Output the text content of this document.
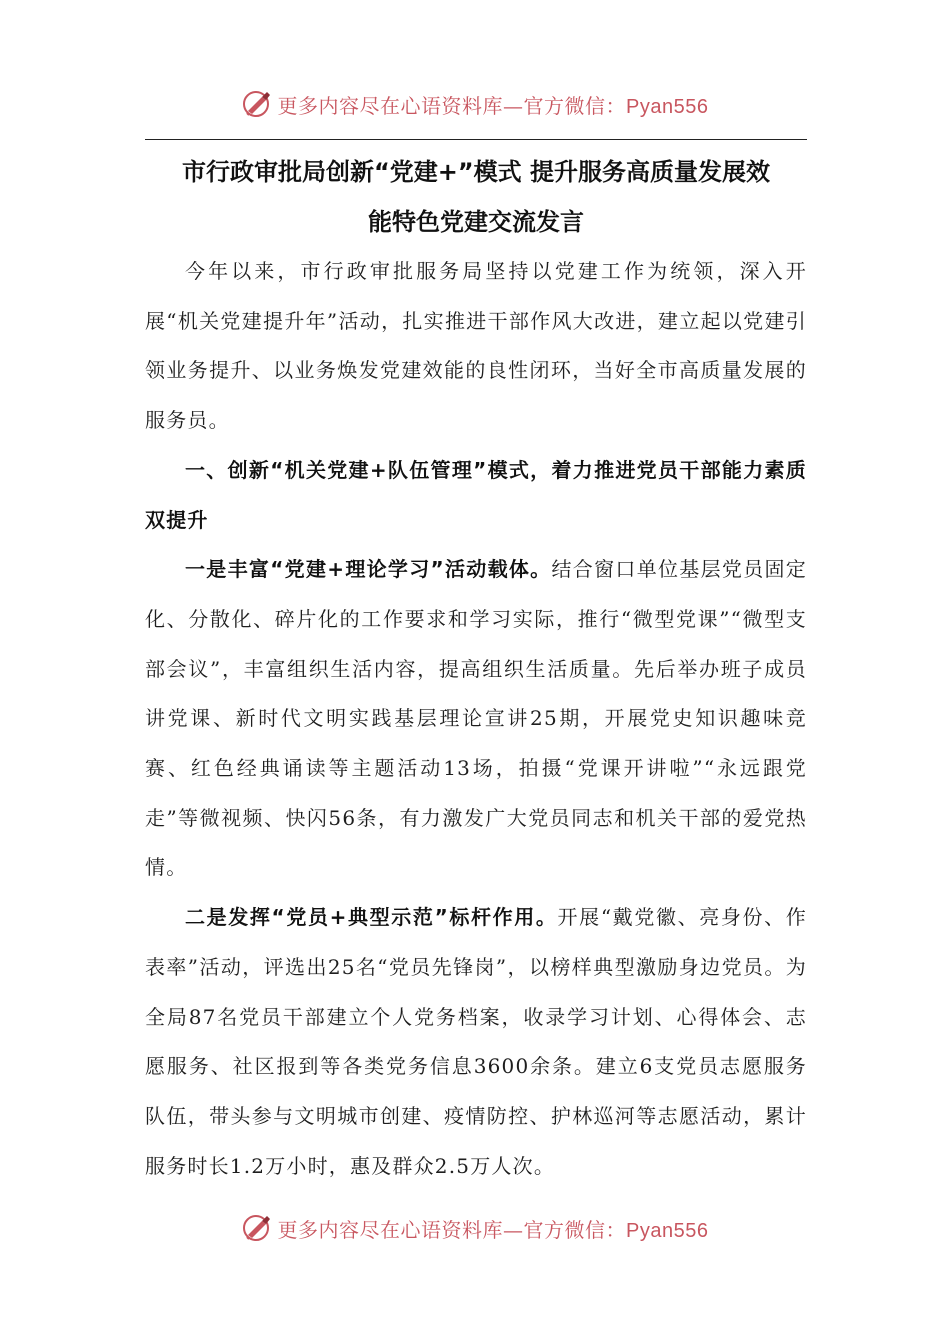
更多内容尽在心语资料库—官方微信：Pyan556
市行政审批局创新“党建+”模式 提升服务高质量发展效
能特色党建交流发言

今年以来，市行政审批服务局坚持以党建工作为统领，深入开展“机关党建提升年”活动，扎实推进干部作风大改进，建立起以党建引领业务提升、以业务焕发党建效能的良性闭环，当好全市高质量发展的服务员。

一、创新“机关党建+队伍管理”模式，着力推进党员干部能力素质双提升

一是丰富“党建+理论学习”活动载体。结合窗口单位基层党员固定化、分散化、碎片化的工作要求和学习实际，推行“微型党课”“微型支部会议”，丰富组织生活内容，提高组织生活质量。先后举办班子成员讲党课、新时代文明实践基层理论宣讲25期，开展党史知识趣味竞赛、红色经典诵读等主题活动13场，拍摄“党课开讲啦”“永远跟党走”等微视频、快闪56条，有力激发广大党员同志和机关干部的爱党热情。

二是发挥“党员+典型示范”标杆作用。开展“戴党徽、亮身份、作表率”活动，评选出25名“党员先锋岗”，以榜样典型激励身边党员。为全局87名党员干部建立个人党务档案，收录学习计划、心得体会、志愿服务、社区报到等各类党务信息3600余条。建立6支党员志愿服务队伍，带头参与文明城市创建、疫情防控、护林巡河等志愿活动，累计服务时长1.2万小时，惠及群众2.5万人次。

更多内容尽在心语资料库—官方微信：Pyan556
